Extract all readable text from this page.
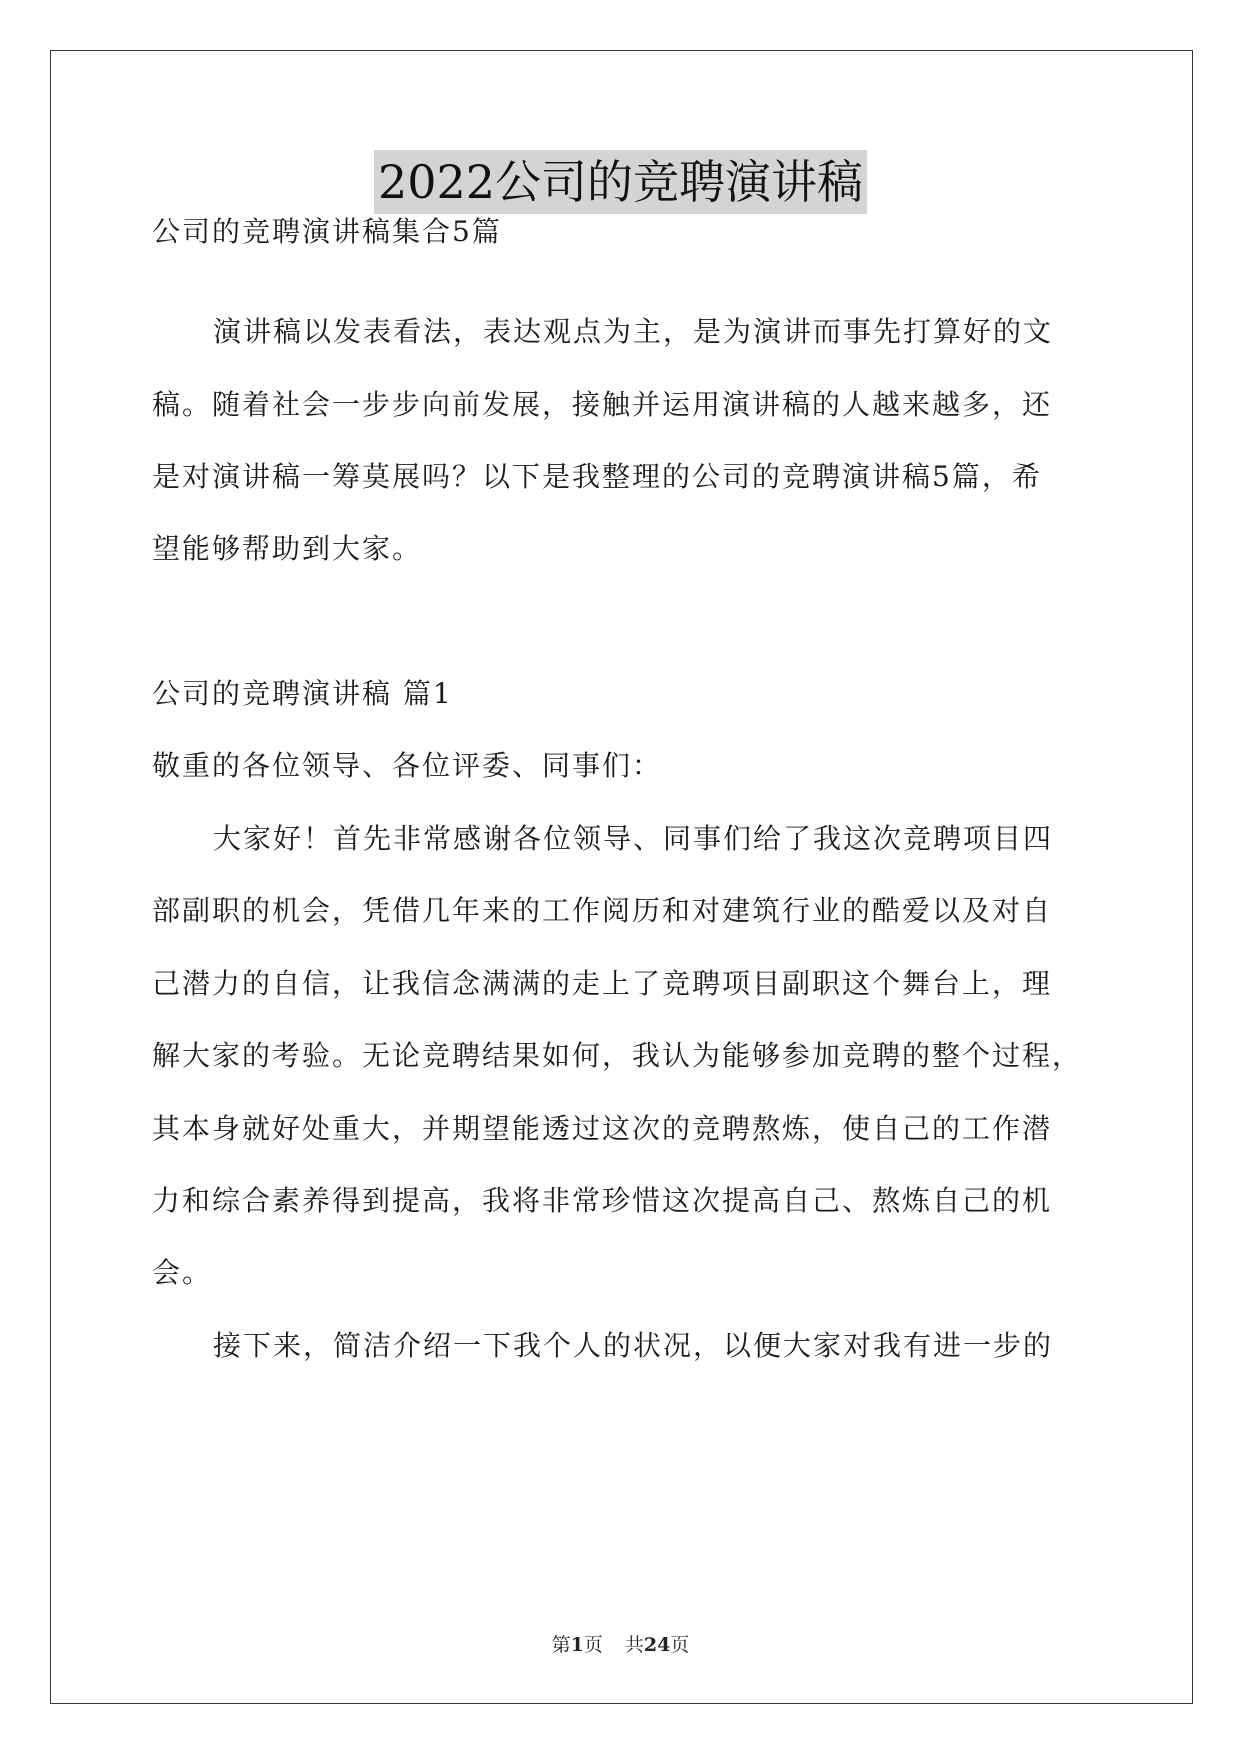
2022公司的竞聘演讲稿
公司的竞聘演讲稿集合5篇
演讲稿以发表看法，表达观点为主，是为演讲而事先打算好的文
稿。随着社会一步步向前发展，接触并运用演讲稿的人越来越多，还
是对演讲稿一筹莫展吗？以下是我整理的公司的竞聘演讲稿5篇，希
望能够帮助到大家。
公司的竞聘演讲稿 篇1
敬重的各位领导、各位评委、同事们：
大家好！首先非常感谢各位领导、同事们给了我这次竞聘项目四
部副职的机会，凭借几年来的工作阅历和对建筑行业的酷爱以及对自
己潜力的自信，让我信念满满的走上了竞聘项目副职这个舞台上，理
解大家的考验。无论竞聘结果如何，我认为能够参加竞聘的整个过程，
其本身就好处重大，并期望能透过这次的竞聘熬炼，使自己的工作潜
力和综合素养得到提高，我将非常珍惜这次提高自己、熬炼自己的机
会。
接下来，简洁介绍一下我个人的状况，以便大家对我有进一步的
第1页 共24页
